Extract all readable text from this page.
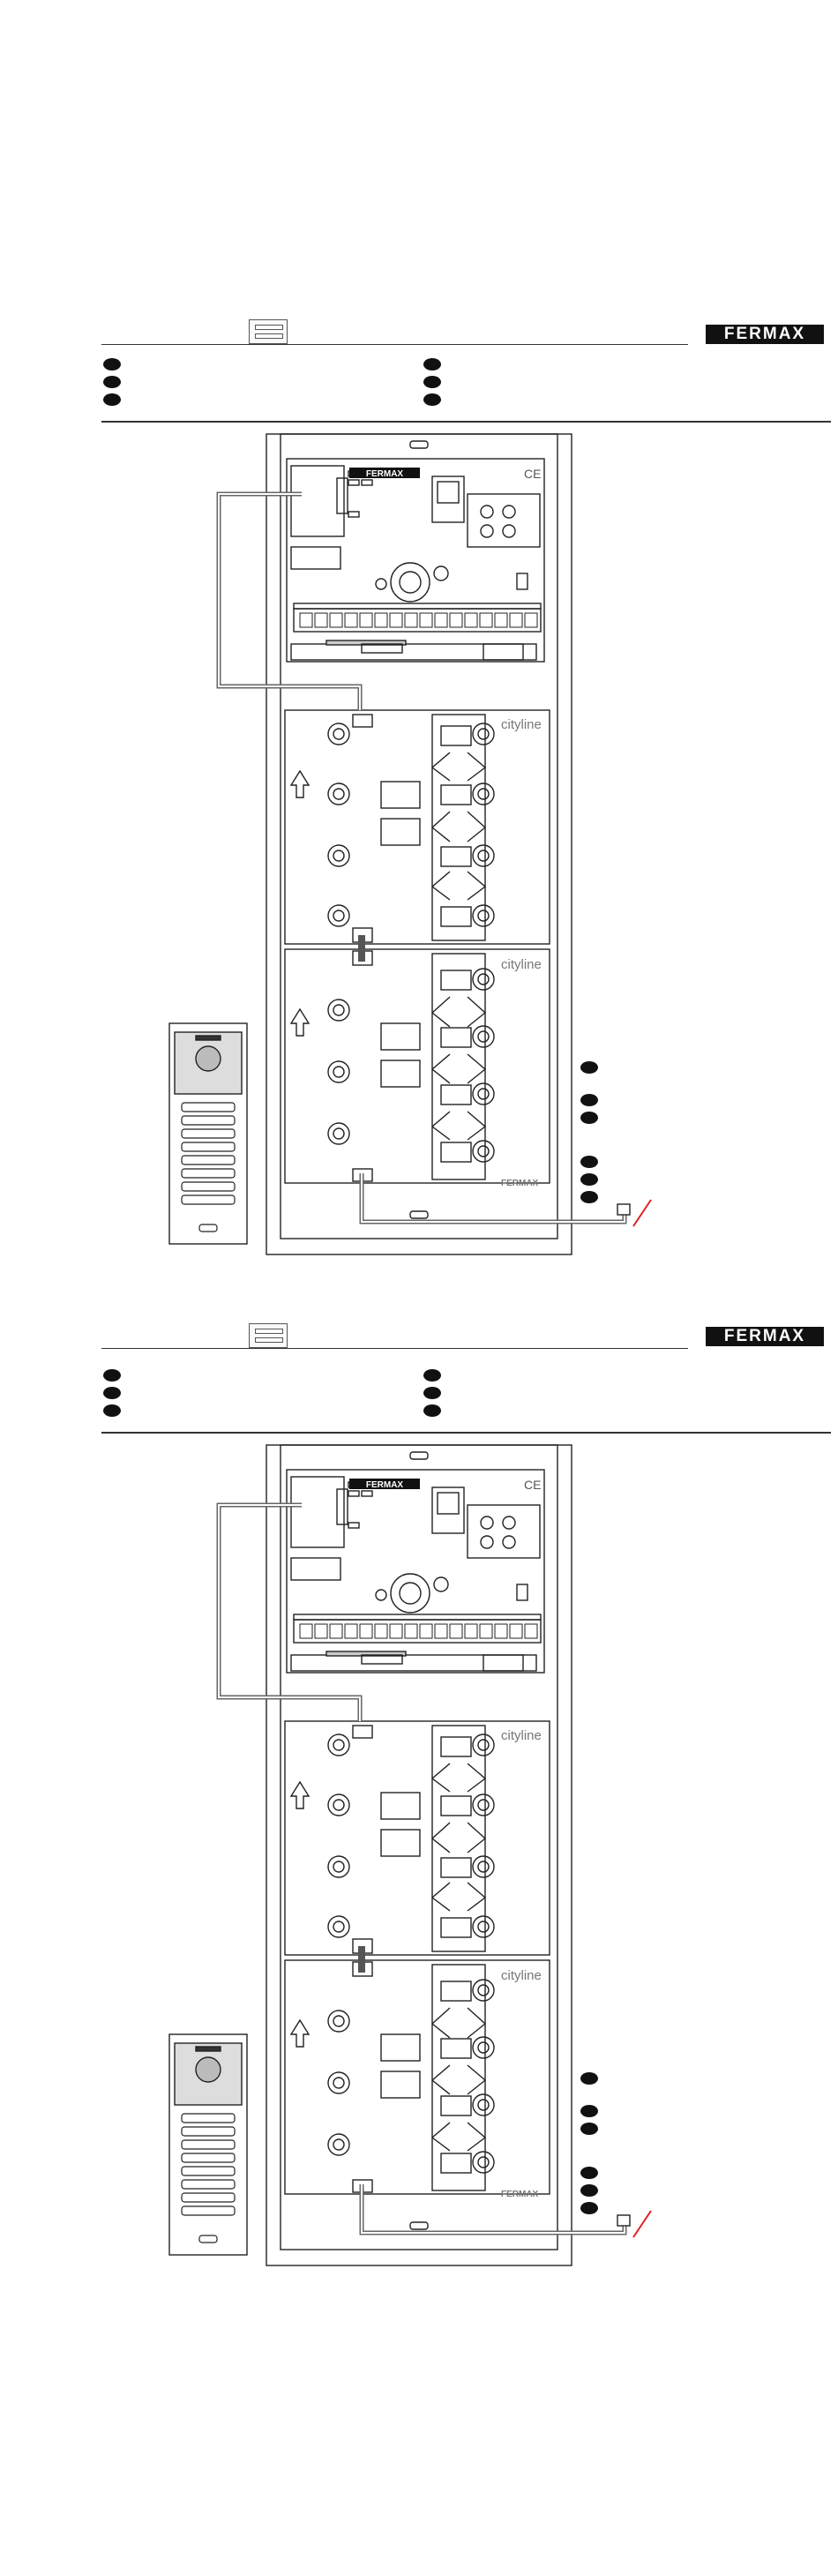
FERMAX
CE
FERMAX
cityline
FERMAX
cityline
FERMAX
CE
FERMAX
cityline
FERMAX
cityline
